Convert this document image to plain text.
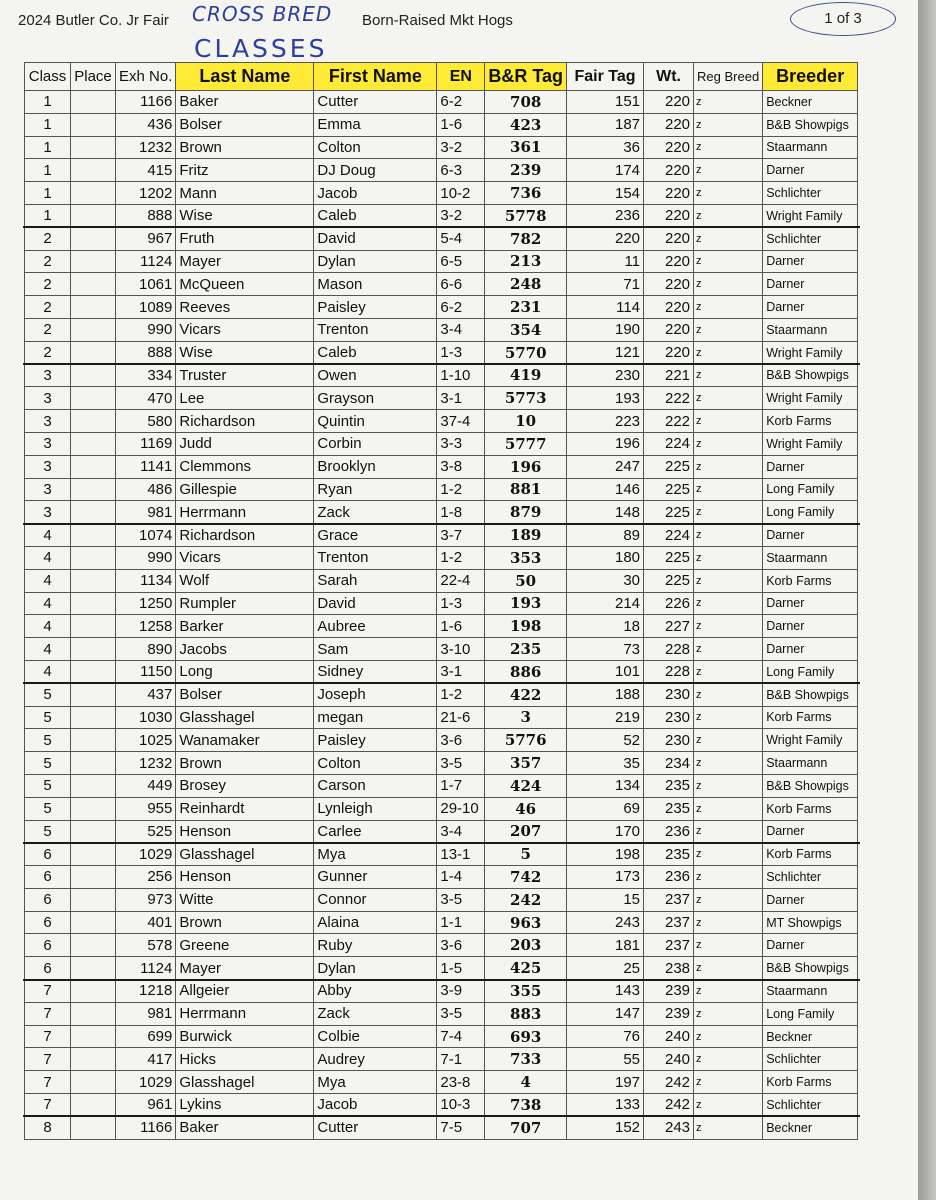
2024 Butler Co. Jr Fair CROSS BRED
CLASSES
Born-Raised Mkt Hogs	1 of 3
Class	Place	Exh No.	Last Name	First Name	EN	B&R Tag	Fair Tag	Wt.	Reg Breed	Breeder
1		1166	Baker	Cutter	6-2	708	151	220	z	Beckner
1		436	Bolser	Emma	1-6	423	187	220	z	B&B Showpigs
1		1232	Brown	Colton	3-2	361	36	220	z	Staarmann
1		415	Fritz	DJ Doug	6-3	239	174	220	z	Darner
1		1202	Mann	Jacob	10-2	736	154	220	z	Schlichter
1		888	Wise	Caleb	3-2	5778	236	220	z	Wright Family
2		967	Fruth	David	5-4	782	220	220	z	Schlichter
2		1124	Mayer	Dylan	6-5	213	11	220	z	Darner
2		1061	McQueen	Mason	6-6	248	71	220	z	Darner
2		1089	Reeves	Paisley	6-2	231	114	220	z	Darner
2		990	Vicars	Trenton	3-4	354	190	220	z	Staarmann
2		888	Wise	Caleb	1-3	5770	121	220	z	Wright Family
3		334	Truster	Owen	1-10	419	230	221	z	B&B Showpigs
3		470	Lee	Grayson	3-1	5773	193	222	z	Wright Family
3		580	Richardson	Quintin	37-4	10	223	222	z	Korb Farms
3		1169	Judd	Corbin	3-3	5777	196	224	z	Wright Family
3		1141	Clemmons	Brooklyn	3-8	196	247	225	z	Darner
3		486	Gillespie	Ryan	1-2	881	146	225	z	Long Family
3		981	Herrmann	Zack	1-8	879	148	225	z	Long Family
4		1074	Richardson	Grace	3-7	189	89	224	z	Darner
4		990	Vicars	Trenton	1-2	353	180	225	z	Staarmann
4		1134	Wolf	Sarah	22-4	50	30	225	z	Korb Farms
4		1250	Rumpler	David	1-3	193	214	226	z	Darner
4		1258	Barker	Aubree	1-6	198	18	227	z	Darner
4		890	Jacobs	Sam	3-10	235	73	228	z	Darner
4		1150	Long	Sidney	3-1	886	101	228	z	Long Family
5		437	Bolser	Joseph	1-2	422	188	230	z	B&B Showpigs
5		1030	Glasshagel	megan	21-6	3	219	230	z	Korb Farms
5		1025	Wanamaker	Paisley	3-6	5776	52	230	z	Wright Family
5		1232	Brown	Colton	3-5	357	35	234	z	Staarmann
5		449	Brosey	Carson	1-7	424	134	235	z	B&B Showpigs
5		955	Reinhardt	Lynleigh	29-10	46	69	235	z	Korb Farms
5		525	Henson	Carlee	3-4	207	170	236	z	Darner
6		1029	Glasshagel	Mya	13-1	5	198	235	z	Korb Farms
6		256	Henson	Gunner	1-4	742	173	236	z	Schlichter
6		973	Witte	Connor	3-5	242	15	237	z	Darner
6		401	Brown	Alaina	1-1	963	243	237	z	MT Showpigs
6		578	Greene	Ruby	3-6	203	181	237	z	Darner
6		1124	Mayer	Dylan	1-5	425	25	238	z	B&B Showpigs
7		1218	Allgeier	Abby	3-9	355	143	239	z	Staarmann
7		981	Herrmann	Zack	3-5	883	147	239	z	Long Family
7		699	Burwick	Colbie	7-4	693	76	240	z	Beckner
7		417	Hicks	Audrey	7-1	733	55	240	z	Schlichter
7		1029	Glasshagel	Mya	23-8	4	197	242	z	Korb Farms
7		961	Lykins	Jacob	10-3	738	133	242	z	Schlichter
8		1166	Baker	Cutter	7-5	707	152	243	z	Beckner
